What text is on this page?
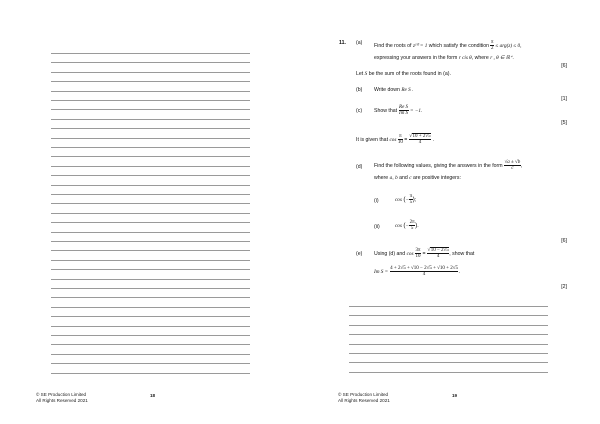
© SE Production Limited
All Rights Reserved 2021
18
11. (a) Find the roots of z¹⁰ = 1 which satisfy the condition $\frac{\pi}{2} \le arg(z) \le 0$,
expressing your answers in the form r cis θ, where r , θ ∈ ℝ⁺.
[6]
Let S be the sum of the roots found in (a).
(b) Write down Re S .
[1]
(c) Show that $\frac{\text{Re S}}{\text{Im S}} = -1$.
[5]
It is given that $\cos \frac{\pi}{10} = \frac{√10 + 2√5}{4}$ .
(d) Find the following values, giving the answers in the form $\frac{√a \pm √b}{c}$ ,
where a, b and c are positive integers:
(i)	cos (− $\frac{\pi}{5}$ );
(ii)	cos (− $\frac{2\pi}{5}$ ).
[6]
(e) Using (d) and $\cos \frac{3\pi}{10} = \frac{√10 - 2√5}{4}$ , show that
Im $S = \frac{4 + 2√5 + √10 - 2√5 + √10 + 2√5}{4}$ .
[2]
© SE Production Limited
All Rights Reserved 2021
19
